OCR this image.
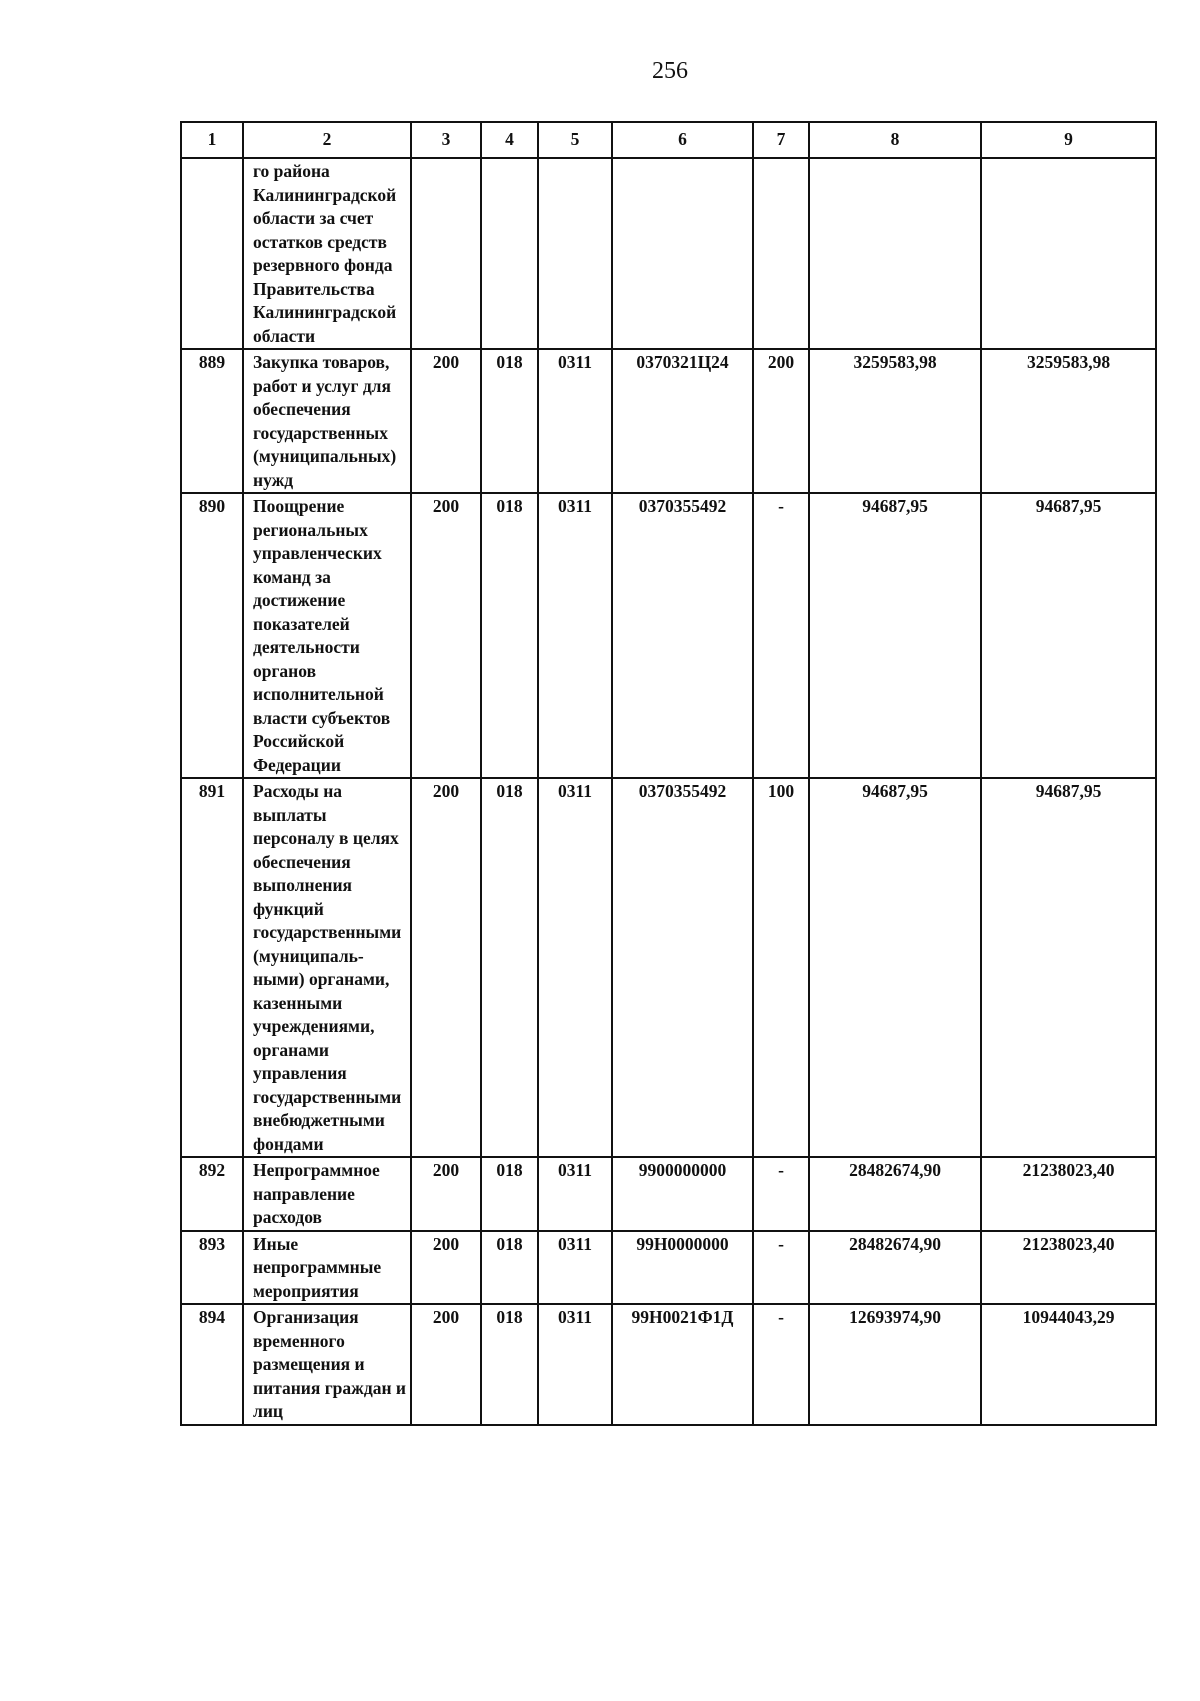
256
1	2	3	4	5	6	7	8	9
	го района Калининградской области за счет остатков средств резервного фонда Правительства Калининградской области							
889	Закупка товаров, работ и услуг для обеспечения государственных (муниципальных) нужд	200	018	0311	0370321Ц24	200	3259583,98	3259583,98
890	Поощрение региональных управленческих команд за достижение показателей деятельности органов исполнительной власти субъектов Российской Федерации	200	018	0311	0370355492	-	94687,95	94687,95
891	Расходы на выплаты персоналу в целях обеспечения выполнения функций государственными (муниципальными) органами, казенными учреждениями, органами управления государственными внебюджетными фондами	200	018	0311	0370355492	100	94687,95	94687,95
892	Непрограммное направление расходов	200	018	0311	9900000000	-	28482674,90	21238023,40
893	Иные непрограммные мероприятия	200	018	0311	99Н0000000	-	28482674,90	21238023,40
894	Организация временного размещения и питания граждан и лиц	200	018	0311	99Н0021Ф1Д	-	12693974,90	10944043,29
